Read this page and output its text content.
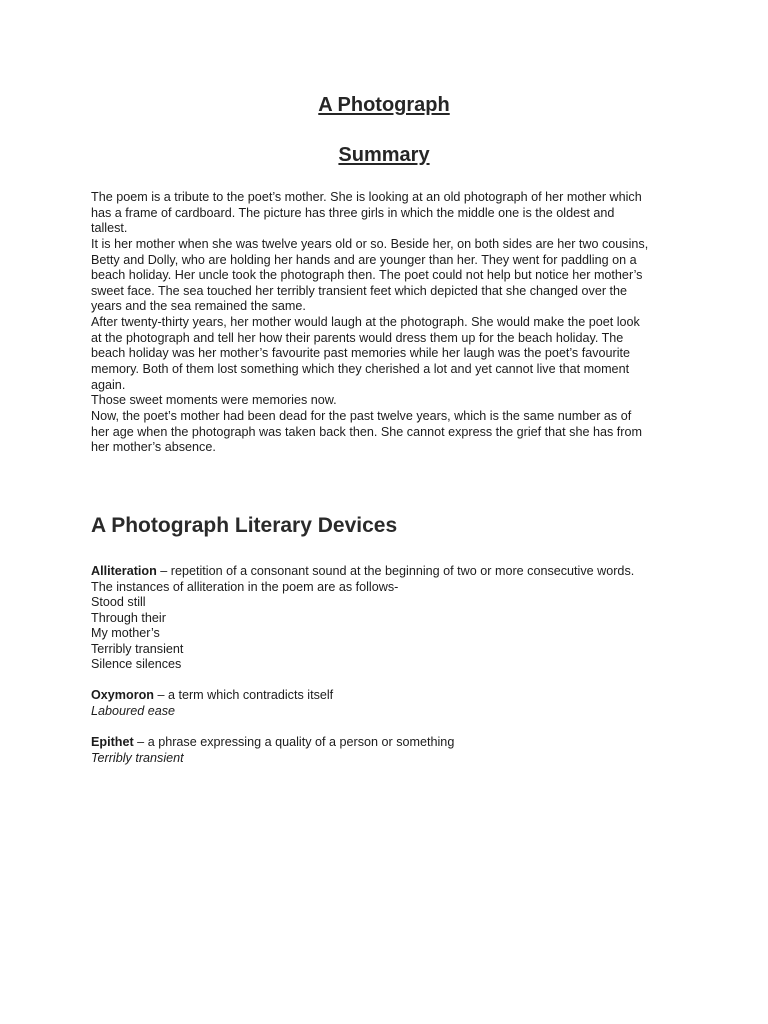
A Photograph
Summary
The poem is a tribute to the poet’s mother. She is looking at an old photograph of her mother which
has a frame of cardboard. The picture has three girls in which the middle one is the oldest and
tallest.
It is her mother when she was twelve years old or so. Beside her, on both sides are her two cousins,
Betty and Dolly, who are holding her hands and are younger than her. They went for paddling on a
beach holiday. Her uncle took the photograph then. The poet could not help but notice her mother’s
sweet face. The sea touched her terribly transient feet which depicted that she changed over the
years and the sea remained the same.
After twenty-thirty years, her mother would laugh at the photograph. She would make the poet look
at the photograph and tell her how their parents would dress them up for the beach holiday. The
beach holiday was her mother’s favourite past memories while her laugh was the poet’s favourite
memory. Both of them lost something which they cherished a lot and yet cannot live that moment
again.
Those sweet moments were memories now.
Now, the poet’s mother had been dead for the past twelve years, which is the same number as of
her age when the photograph was taken back then. She cannot express the grief that she has from
her mother’s absence.
A Photograph Literary Devices
Alliteration – repetition of a consonant sound at the beginning of two or more consecutive words.
The instances of alliteration in the poem are as follows-
Stood still
Through their
My mother’s
Terribly transient
Silence silences
Oxymoron – a term which contradicts itself
Laboured ease
Epithet – a phrase expressing a quality of a person or something
Terribly transient
